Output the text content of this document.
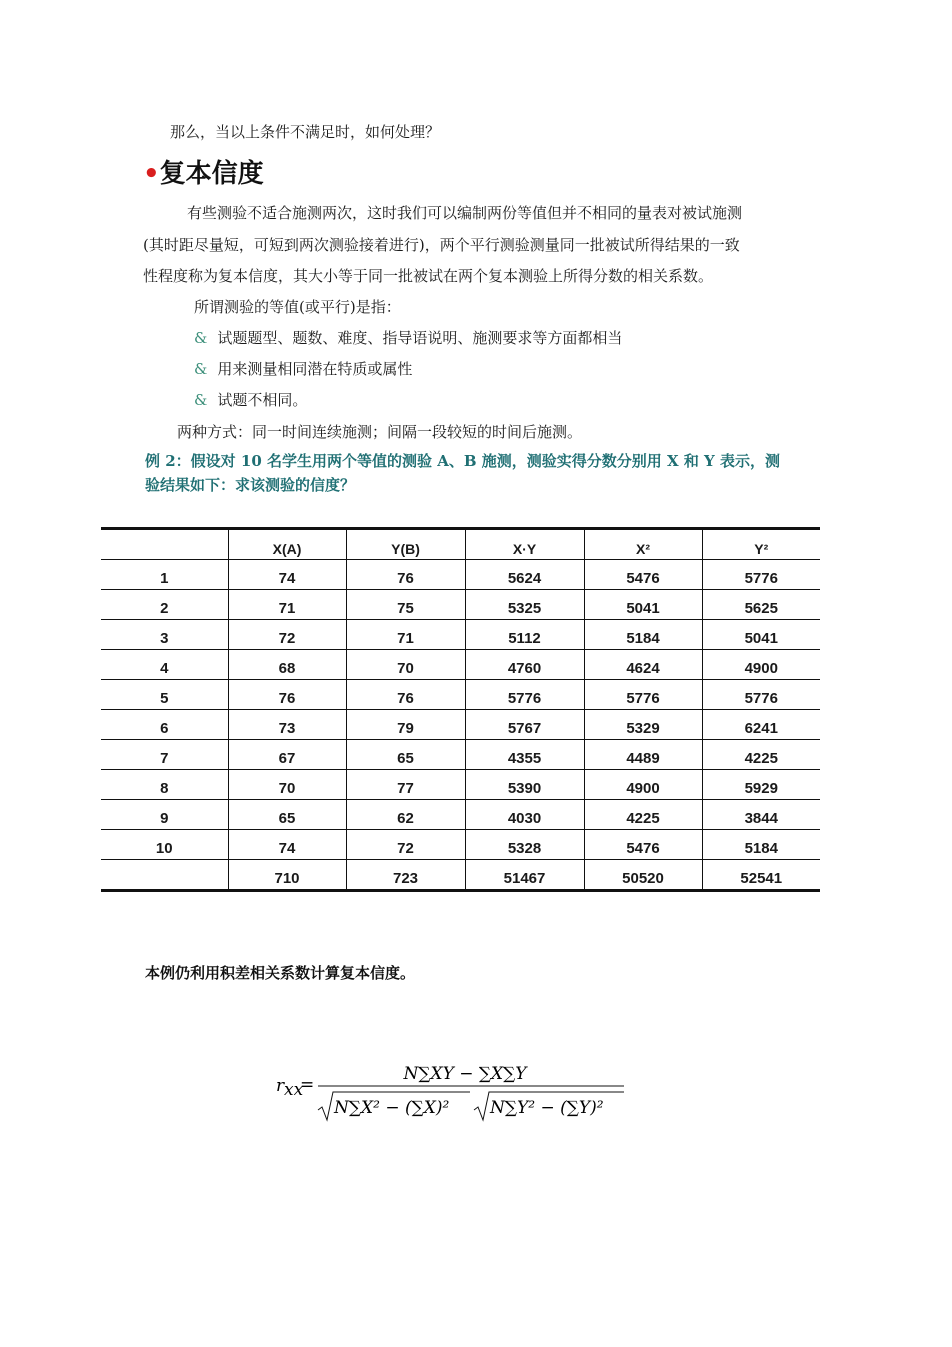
那么，当以上条件不满足时，如何处理？
•复本信度
有些测验不适合施测两次，这时我们可以编制两份等值但并不相同的量表对被试施测
(其时距尽量短，可短到两次测验接着进行)，两个平行测验测量同一批被试所得结果的一致
性程度称为复本信度，其大小等于同一批被试在两个复本测验上所得分数的相关系数。
所谓测验的等值(或平行)是指：
& 试题题型、题数、难度、指导语说明、施测要求等方面都相当
& 用来测量相同潜在特质或属性
& 试题不相同。
两种方式：同一时间连续施测；间隔一段较短的时间后施测。
例 2：假设对 10 名学生用两个等值的测验 A、B 施测，测验实得分数分别用 X 和 Y 表示，测
验结果如下：求该测验的信度？
	X(A)	Y(B)	X·Y	X²	Y²
1	74	76	5624	5476	5776
2	71	75	5325	5041	5625
3	72	71	5112	5184	5041
4	68	70	4760	4624	4900
5	76	76	5776	5776	5776
6	73	79	5767	5329	6241
7	67	65	4355	4489	4225
8	70	77	5390	4900	5929
9	65	62	4030	4225	3844
10	74	72	5328	5476	5184
	710	723	51467	50520	52541
本例仍利用积差相关系数计算复本信度。
r xx
=
N∑XY − ∑X∑Y
N∑X² − (∑X)² N∑Y² − (∑Y)²
